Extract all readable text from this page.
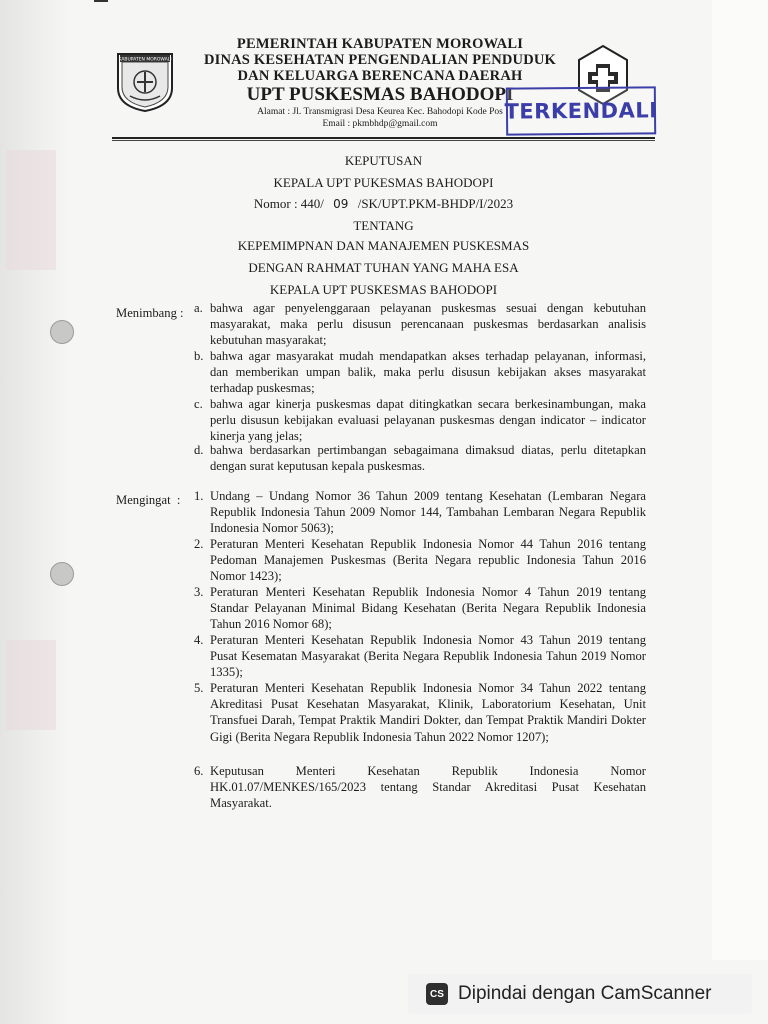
KABUPATEN MOROWALI
PEMERINTAH KABUPATEN MOROWALI
DINAS KESEHATAN PENGENDALIAN PENDUDUK
DAN KELUARGA BERENCANA DAERAH
UPT PUSKESMAS BAHODOPI
Alamat : Jl. Transmigrasi Desa Keurea Kec. Bahodopi Kode Pos
Email : pkmbhdp@gmail.com
TERKENDALI
KEPUTUSAN
KEPALA UPT PUKESMAS BAHODOPI
Nomor : 440/ 09 /SK/UPT.PKM-BHDP/I/2023
TENTANG
KEPEMIMPNAN DAN MANAJEMEN PUSKESMAS
DENGAN RAHMAT TUHAN YANG MAHA ESA
KEPALA UPT PUSKESMAS BAHODOPI
Menimbang : a. bahwa agar penyelenggaraan pelayanan puskesmas sesuai dengan kebutuhan masyarakat, maka perlu disusun perencanaan puskesmas berdasarkan analisis kebutuhan masyarakat;
b. bahwa agar masyarakat mudah mendapatkan akses terhadap pelayanan, informasi, dan memberikan umpan balik, maka perlu disusun kebijakan akses masyarakat terhadap puskesmas;
c. bahwa agar kinerja puskesmas dapat ditingkatkan secara berkesinambungan, maka perlu disusun kebijakan evaluasi pelayanan puskesmas dengan indicator – indicator kinerja yang jelas;
d. bahwa berdasarkan pertimbangan sebagaimana dimaksud diatas, perlu ditetapkan dengan surat keputusan kepala puskesmas.
Mengingat  : 1. Undang – Undang Nomor 36 Tahun 2009 tentang Kesehatan (Lembaran Negara Republik Indonesia Tahun 2009 Nomor 144, Tambahan Lembaran Negara Republik Indonesia Nomor 5063);
2. Peraturan Menteri Kesehatan Republik Indonesia Nomor 44 Tahun 2016 tentang Pedoman Manajemen Puskesmas (Berita Negara republic Indonesia Tahun 2016 Nomor 1423);
3. Peraturan Menteri Kesehatan Republik Indonesia Nomor 4 Tahun 2019 tentang Standar Pelayanan Minimal Bidang Kesehatan (Berita Negara Republik Indonesia Tahun 2016 Nomor 68);
4. Peraturan Menteri Kesehatan Republik Indonesia Nomor 43 Tahun 2019 tentang Pusat Kesematan Masyarakat (Berita Negara Republik Indonesia Tahun 2019 Nomor 1335);
5. Peraturan Menteri Kesehatan Republik Indonesia Nomor 34 Tahun 2022 tentang Akreditasi Pusat Kesehatan Masyarakat, Klinik, Laboratorium Kesehatan, Unit Transfuei Darah, Tempat Praktik Mandiri Dokter, dan Tempat Praktik Mandiri Dokter Gigi (Berita Negara Republik Indonesia Tahun 2022 Nomor 1207);
6. Keputusan Menteri Kesehatan Republik Indonesia Nomor HK.01.07/MENKES/165/2023 tentang Standar Akreditasi Pusat Kesehatan Masyarakat.
CS Dipindai dengan CamScanner
